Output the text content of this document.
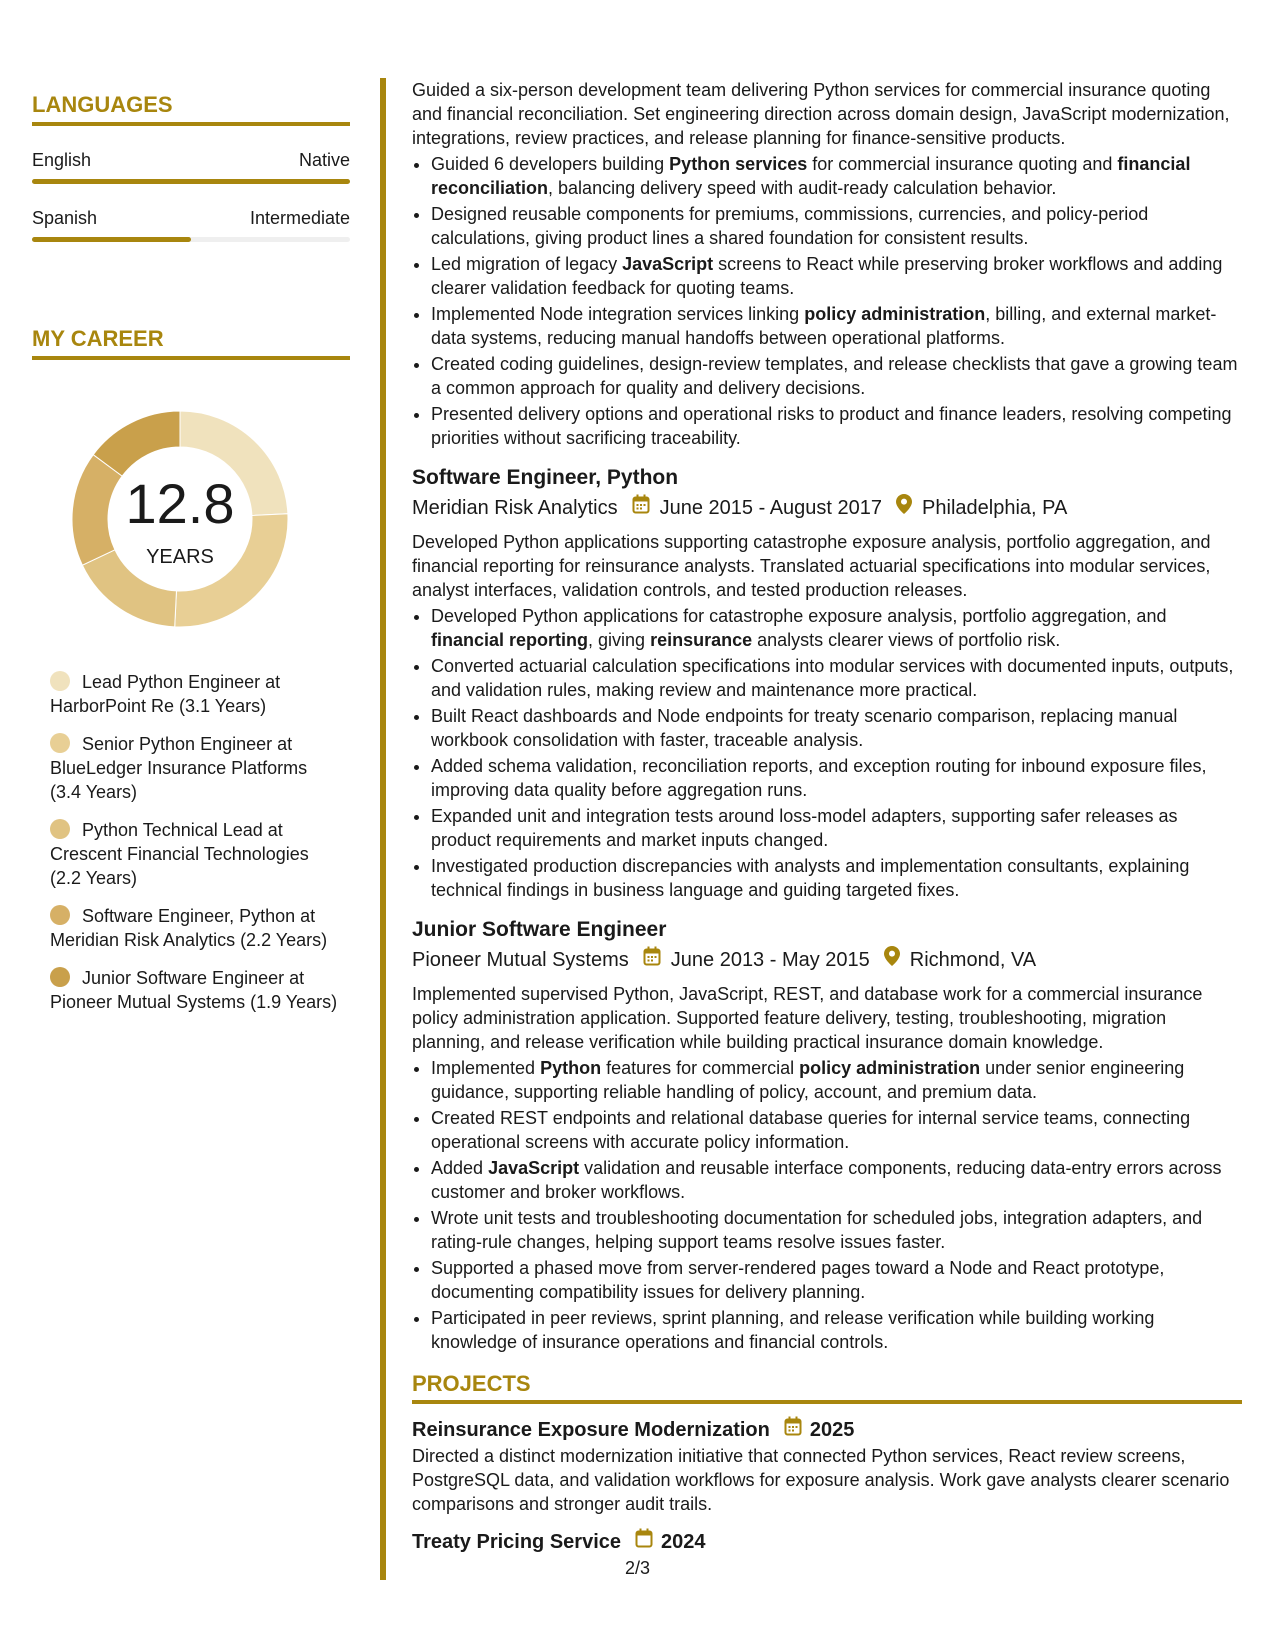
LANGUAGES
English	Native
Spanish	Intermediate
MY CAREER
12.8
YEARS
Lead Python Engineer at HarborPoint Re (3.1 Years)
Senior Python Engineer at BlueLedger Insurance Platforms (3.4 Years)
Python Technical Lead at Crescent Financial Technologies (2.2 Years)
Software Engineer, Python at Meridian Risk Analytics (2.2 Years)
Junior Software Engineer at Pioneer Mutual Systems (1.9 Years)

Guided a six-person development team delivering Python services for commercial insurance quoting and financial reconciliation. Set engineering direction across domain design, JavaScript modernization, integrations, review practices, and release planning for finance-sensitive products.

• Guided 6 developers building Python services for commercial insurance quoting and financial reconciliation, balancing delivery speed with audit-ready calculation behavior.
• Designed reusable components for premiums, commissions, currencies, and policy-period calculations, giving product lines a shared foundation for consistent results.
• Led migration of legacy JavaScript screens to React while preserving broker workflows and adding clearer validation feedback for quoting teams.
• Implemented Node integration services linking policy administration, billing, and external market-data systems, reducing manual handoffs between operational platforms.
• Created coding guidelines, design-review templates, and release checklists that gave a growing team a common approach for quality and delivery decisions.
• Presented delivery options and operational risks to product and finance leaders, resolving competing priorities without sacrificing traceability.
Software Engineer, Python
Meridian Risk Analytics June 2015 - August 2017 Philadelphia, PA

Developed Python applications supporting catastrophe exposure analysis, portfolio aggregation, and financial reporting for reinsurance analysts. Translated actuarial specifications into modular services, analyst interfaces, validation controls, and tested production releases.

• Developed Python applications for catastrophe exposure analysis, portfolio aggregation, and financial reporting, giving reinsurance analysts clearer views of portfolio risk.
• Converted actuarial calculation specifications into modular services with documented inputs, outputs, and validation rules, making review and maintenance more practical.
• Built React dashboards and Node endpoints for treaty scenario comparison, replacing manual workbook consolidation with faster, traceable analysis.
• Added schema validation, reconciliation reports, and exception routing for inbound exposure files, improving data quality before aggregation runs.
• Expanded unit and integration tests around loss-model adapters, supporting safer releases as product requirements and market inputs changed.
• Investigated production discrepancies with analysts and implementation consultants, explaining technical findings in business language and guiding targeted fixes.
Junior Software Engineer
Pioneer Mutual Systems June 2013 - May 2015 Richmond, VA

Implemented supervised Python, JavaScript, REST, and database work for a commercial insurance policy administration application. Supported feature delivery, testing, troubleshooting, migration planning, and release verification while building practical insurance domain knowledge.

• Implemented Python features for commercial policy administration under senior engineering guidance, supporting reliable handling of policy, account, and premium data.
• Created REST endpoints and relational database queries for internal service teams, connecting operational screens with accurate policy information.
• Added JavaScript validation and reusable interface components, reducing data-entry errors across customer and broker workflows.
• Wrote unit tests and troubleshooting documentation for scheduled jobs, integration adapters, and rating-rule changes, helping support teams resolve issues faster.
• Supported a phased move from server-rendered pages toward a Node and React prototype, documenting compatibility issues for delivery planning.
• Participated in peer reviews, sprint planning, and release verification while building working knowledge of insurance operations and financial controls.
PROJECTS
Reinsurance Exposure Modernization 2025

Directed a distinct modernization initiative that connected Python services, React review screens, PostgreSQL data, and validation workflows for exposure analysis. Work gave analysts clearer scenario comparisons and stronger audit trails.

Treaty Pricing Service 2024
2/3
